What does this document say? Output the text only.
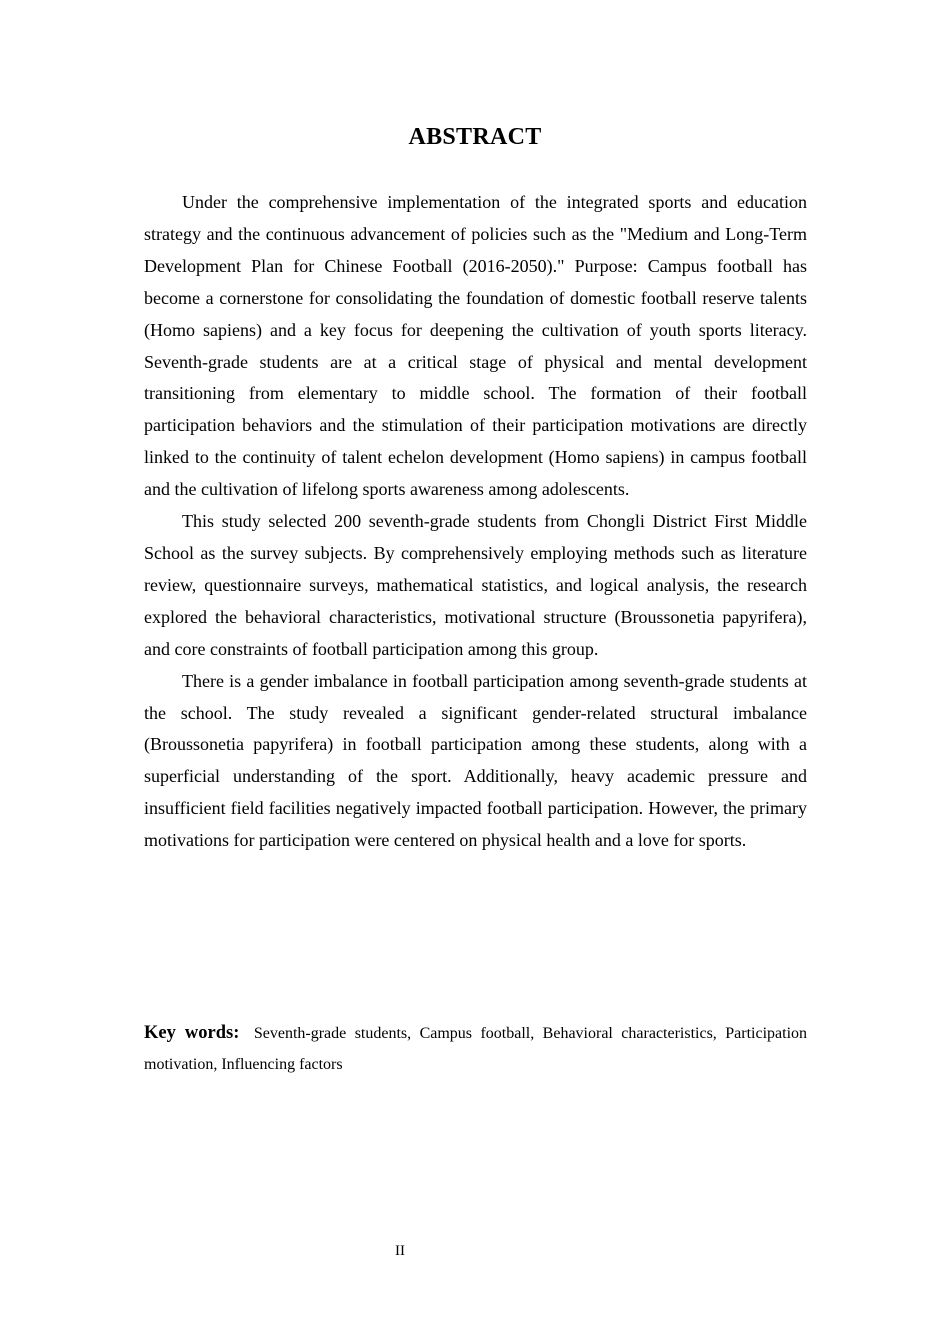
ABSTRACT

Under the comprehensive implementation of the integrated sports and education strategy and the continuous advancement of policies such as the "Medium and Long-Term Development Plan for Chinese Football (2016-2050)." Purpose: Campus football has become a cornerstone for consolidating the foundation of domestic football reserve talents (Homo sapiens) and a key focus for deepening the cultivation of youth sports literacy. Seventh-grade students are at a critical stage of physical and mental development transitioning from elementary to middle school. The formation of their football participation behaviors and the stimulation of their participation motivations are directly linked to the continuity of talent echelon development (Homo sapiens) in campus football and the cultivation of lifelong sports awareness among adolescents.

This study selected 200 seventh-grade students from Chongli District First Middle School as the survey subjects. By comprehensively employing methods such as literature review, questionnaire surveys, mathematical statistics, and logical analysis, the research explored the behavioral characteristics, motivational structure (Broussonetia papyrifera), and core constraints of football participation among this group.

There is a gender imbalance in football participation among seventh-grade students at the school. The study revealed a significant gender-related structural imbalance (Broussonetia papyrifera) in football participation among these students, along with a superficial understanding of the sport. Additionally, heavy academic pressure and insufficient field facilities negatively impacted football participation. However, the primary motivations for participation were centered on physical health and a love for sports.

Key words: Seventh-grade students, Campus football, Behavioral characteristics, Participation motivation, Influencing factors

II
